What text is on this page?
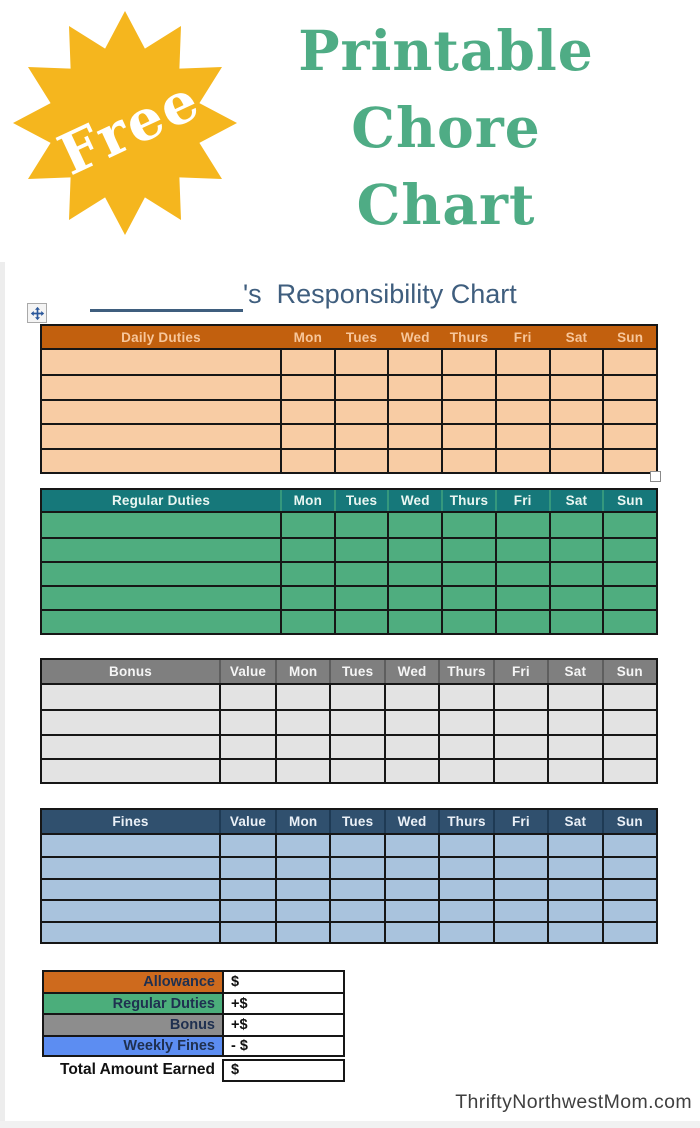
Free
Printable
Chore
Chart
's  Responsibility Chart
Daily Duties	Mon	Tues	Wed	Thurs	Fri	Sat	Sun
Regular Duties	Mon	Tues	Wed	Thurs	Fri	Sat	Sun
Bonus	Value	Mon	Tues	Wed	Thurs	Fri	Sat	Sun
Fines	Value	Mon	Tues	Wed	Thurs	Fri	Sat	Sun
Allowance	$
Regular Duties	+$
Bonus	+$
Weekly Fines	- $
Total Amount Earned	$
ThriftyNorthwestMom.com
